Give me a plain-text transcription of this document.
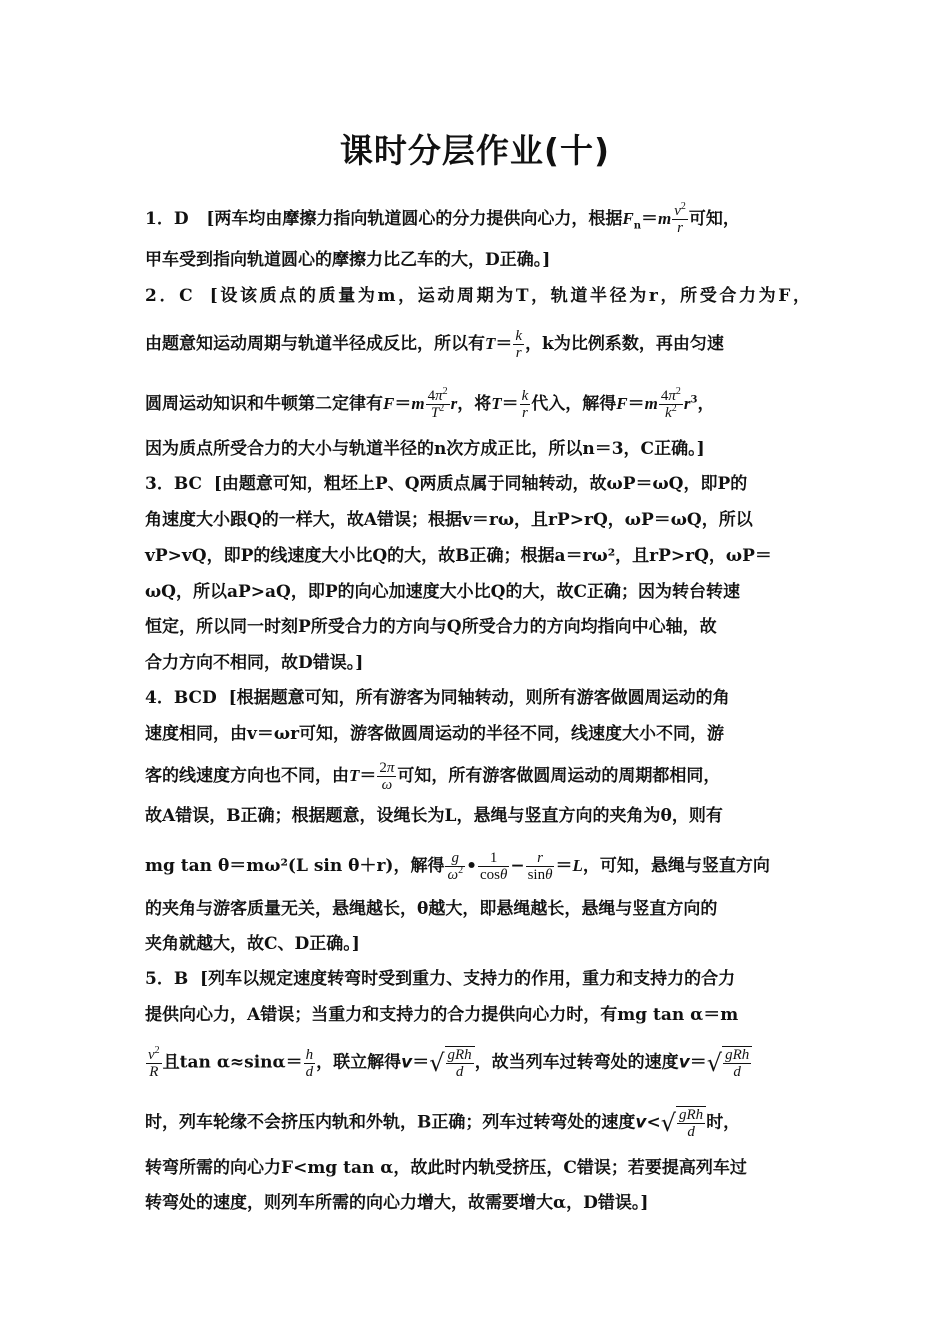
课时分层作业(十)
1．D [两车均由摩擦力指向轨道圆心的分力提供向心力，根据$F_n=m \frac{v^2}{r}$ 可知，
甲车受到指向轨道圆心的摩擦力比乙车的大，D正确。]
2．C [设该质点的质量为m，运动周期为T，轨道半径为r，所受合力为F，
由题意知运动周期与轨道半径成反比，所以有$T= \frac{k}{r}$ ，k为比例系数，再由匀速
圆周运动知识和牛顿第二定律有$F=m \frac{4\pi^2}{T^2}$ r，将$T= \frac{k}{r}$ 代入，解得$F=m \frac{4\pi^2}{k^2} r^3$，
因为质点所受合力的大小与轨道半径的n次方成正比，所以n＝3，C正确。]
3．BC [由题意可知，粗坯上P、Q两质点属于同轴转动，故ωP＝ωQ，即P的
角速度大小跟Q的一样大，故A错误；根据v＝rω，且rP>rQ，ωP＝ωQ，所以
vP>vQ，即P的线速度大小比Q的大，故B正确；根据a＝rω²，且rP>rQ，ωP＝
ωQ，所以aP>aQ，即P的向心加速度大小比Q的大，故C正确；因为转台转速
恒定，所以同一时刻P所受合力的方向与Q所受合力的方向均指向中心轴，故
合力方向不相同，故D错误。]
4．BCD [根据题意可知，所有游客为同轴转动，则所有游客做圆周运动的角
速度相同，由v＝ωr可知，游客做圆周运动的半径不同，线速度大小不同，游
客的线速度方向也不同，由$T= \frac{2\pi}{\omega}$ 可知，所有游客做圆周运动的周期都相同，
故A错误，B正确；根据题意，设绳长为L，悬绳与竖直方向的夹角为θ，则有
mg tan θ＝mω²(L sin θ＋r)，解得 $\frac{g}{\omega^2}$ • $\frac{1}{\cos\theta} - \frac{r}{\sin\theta} =L$，可知，悬绳与竖直方向
的夹角与游客质量无关，悬绳越长，θ越大，即悬绳越长，悬绳与竖直方向的
夹角就越大，故C、D正确。]
5．B [列车以规定速度转弯时受到重力、支持力的作用，重力和支持力的合力
提供向心力，A错误；当重力和支持力的合力提供向心力时，有mg tan α＝m
$\frac{v^2}{R}$ 且$\tan \alpha\approx\sin\alpha= \frac{h}{d}$ ，联立解得$v=√ \frac{\text{gRh}}{d}$ ，故当列车过转弯处的速度$v=√ \frac{\text{gRh}}{d}$
时，列车轮缘不会挤压内轨和外轨，B正确；列车过转弯处的速度$v<√ \frac{\text{gRh}}{d}$ 时，
转弯所需的向心力F<mg tan α，故此时内轨受挤压，C错误；若要提高列车过
转弯处的速度，则列车所需的向心力增大，故需要增大α，D错误。]
